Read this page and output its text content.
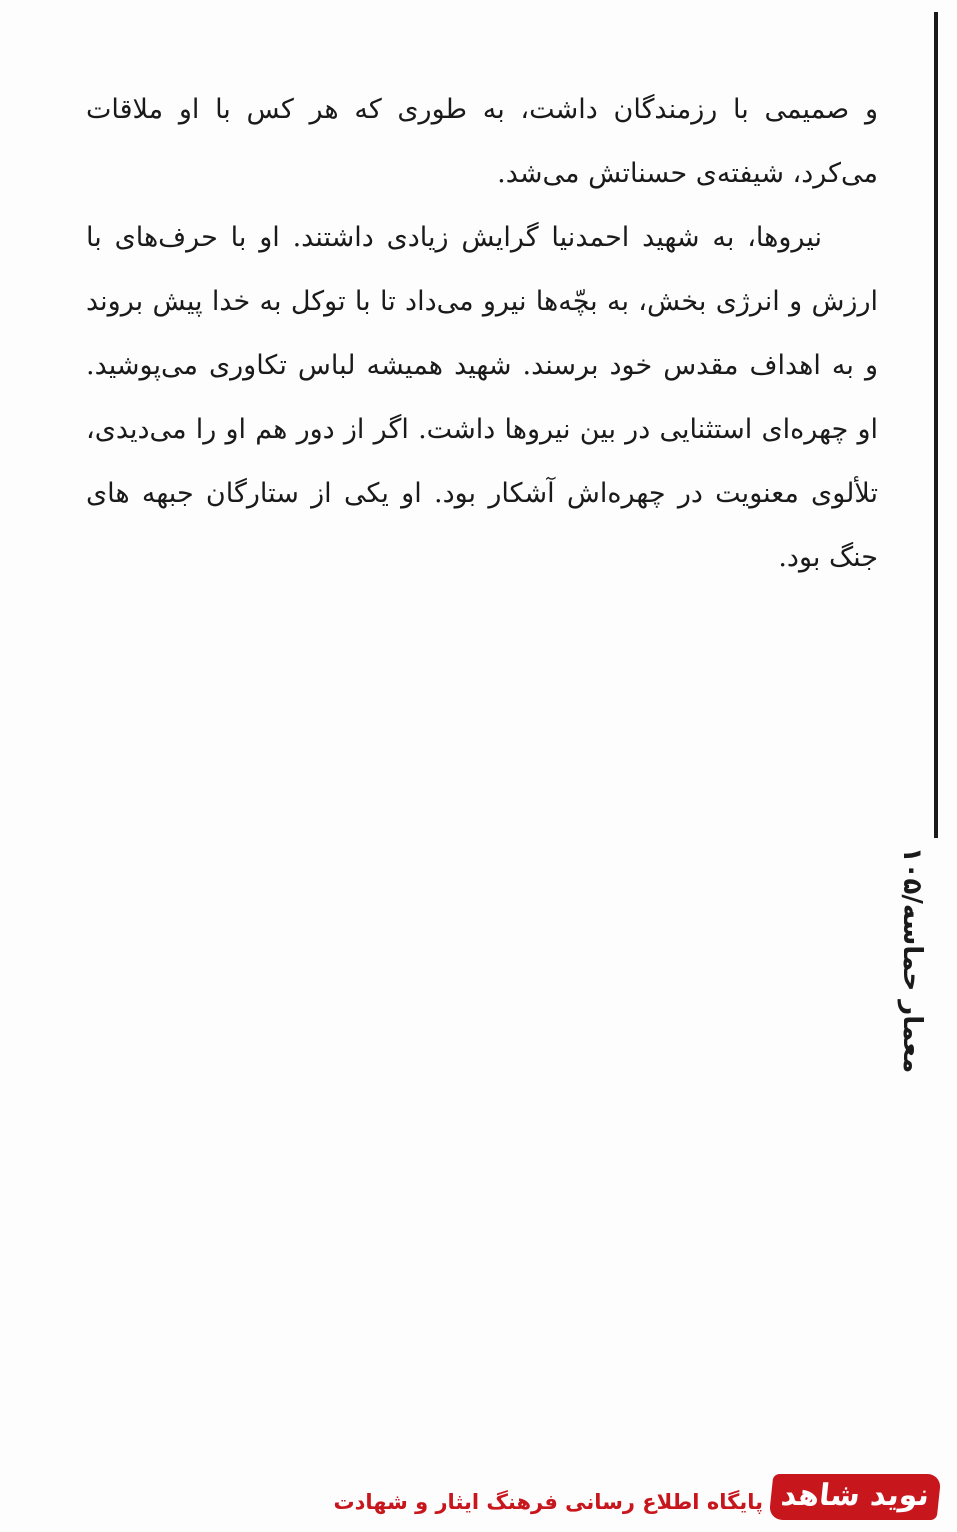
و صمیمی با رزمندگان داشت، به طوری که هر کس با او ملاقات می‌کرد، شیفته‌ی حسناتش می‌شد.

نیروها، به شهید احمدنیا گرایش زیادی داشتند. او با حرف‌های با ارزش و انرژی بخش، به بچّه‌ها نیرو می‌داد تا با توکل به خدا پیش بروند و به اهداف مقدس خود برسند. شهید همیشه لباس تکاوری می‌پوشید. او چهره‌ای استثنایی در بین نیروها داشت. اگر از دور هم او را می‌دیدی، تلألوی معنویت در چهره‌اش آشکار بود. او یکی از ستارگان جبهه های جنگ بود.

معمار حماسه/۱۰۵
نوید شاهد
پایگاه اطلاع رسانی فرهنگ ایثار و شهادت
